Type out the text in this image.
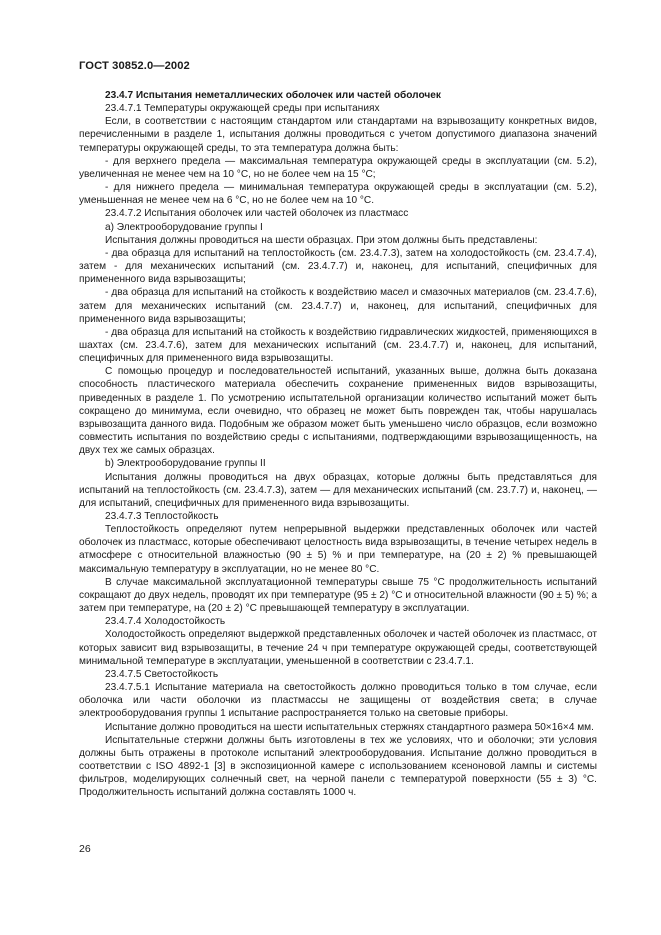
ГОСТ 30852.0—2002

23.4.7 Испытания неметаллических оболочек или частей оболочек

23.4.7.1 Температуры окружающей среды при испытаниях

Если, в соответствии с настоящим стандартом или стандартами на взрывозащиту конкретных видов, перечисленными в разделе 1, испытания должны проводиться с учетом допустимого диапазона значений температуры окружающей среды, то эта температура должна быть:

- для верхнего предела — максимальная температура окружающей среды в эксплуатации (см. 5.2), увеличенная не менее чем на 10 °С, но не более чем на 15 °С;

- для нижнего предела — минимальная температура окружающей среды в эксплуатации (см. 5.2), уменьшенная не менее чем на 6 °С, но не более чем на 10 °С.

23.4.7.2 Испытания оболочек или частей оболочек из пластмасс

а) Электрооборудование группы I

Испытания должны проводиться на шести образцах. При этом должны быть представлены:

- два образца для испытаний на теплостойкость (см. 23.4.7.3), затем на холодостойкость (см. 23.4.7.4), затем - для механических испытаний (см. 23.4.7.7) и, наконец, для испытаний, специфичных для примененного вида взрывозащиты;

- два образца для испытаний на стойкость к воздействию масел и смазочных материалов (см. 23.4.7.6), затем для механических испытаний (см. 23.4.7.7) и, наконец, для испытаний, специфичных для примененного вида взрывозащиты;

- два образца для испытаний на стойкость к воздействию гидравлических жидкостей, применяющихся в шахтах (см. 23.4.7.6), затем для механических испытаний (см. 23.4.7.7) и, наконец, для испытаний, специфичных для примененного вида взрывозащиты.

С помощью процедур и последовательностей испытаний, указанных выше, должна быть доказана способность пластического материала обеспечить сохранение примененных видов взрывозащиты, приведенных в разделе 1. По усмотрению испытательной организации количество испытаний может быть сокращено до минимума, если очевидно, что образец не может быть поврежден так, чтобы нарушалась взрывозащита данного вида. Подобным же образом может быть уменьшено число образцов, если возможно совместить испытания по воздействию среды с испытаниями, подтверждающими взрывозащищенность, на двух тех же самых образцах.

b) Электрооборудование группы II

Испытания должны проводиться на двух образцах, которые должны быть представляться для испытаний на теплостойкость (см. 23.4.7.3), затем — для механических испытаний (см. 23.7.7) и, наконец, — для испытаний, специфичных для примененного вида взрывозащиты.

23.4.7.3 Теплостойкость

Теплостойкость определяют путем непрерывной выдержки представленных оболочек или частей оболочек из пластмасс, которые обеспечивают целостность вида взрывозащиты, в течение четырех недель в атмосфере с относительной влажностью (90 ± 5) % и при температуре, на (20 ± 2) % превышающей максимальную температуру в эксплуатации, но не менее 80 °С.

В случае максимальной эксплуатационной температуры свыше 75 °С продолжительность испытаний сокращают до двух недель, проводят их при температуре (95 ± 2) °С и относительной влажности (90 ± 5) %; а затем при температуре, на (20 ± 2) °С превышающей температуру в эксплуатации.

23.4.7.4 Холодостойкость

Холодостойкость определяют выдержкой представленных оболочек и частей оболочек из пластмасс, от которых зависит вид взрывозащиты, в течение 24 ч при температуре окружающей среды, соответствующей минимальной температуре в эксплуатации, уменьшенной в соответствии с 23.4.7.1.

23.4.7.5 Светостойкость

23.4.7.5.1 Испытание материала на светостойкость должно проводиться только в том случае, если оболочка или части оболочки из пластмассы не защищены от воздействия света; в случае электрооборудования группы 1 испытание распространяется только на световые приборы.

Испытание должно проводиться на шести испытательных стержнях стандартного размера 50×16×4 мм.

Испытательные стержни должны быть изготовлены в тех же условиях, что и оболочки; эти условия должны быть отражены в протоколе испытаний электрооборудования. Испытание должно проводиться в соответствии с ISO 4892-1 [3] в экспозиционной камере с использованием ксеноновой лампы и системы фильтров, моделирующих солнечный свет, на черной панели с температурой поверхности (55 ± 3) °С. Продолжительность испытаний должна составлять 1000 ч.

26
